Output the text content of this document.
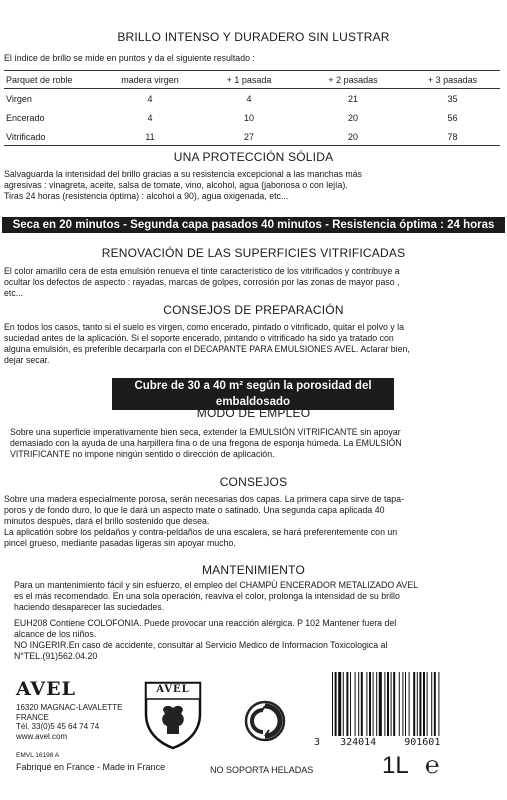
BRILLO INTENSO Y DURADERO SIN LUSTRAR
El índice de brillo se mide en puntos y da el siguiente resultado :
Parquet de roble	madera virgen	+ 1 pasada	+ 2 pasadas	+ 3 pasadas
Virgen	4	4	21	35
Encerado	4	10	20	56
Vitrificado	11	27	20	78
UNA PROTECCIÓN SÓLIDA
Salvaguarda la intensidad del brillo gracias a su resistencia excepcional a las manchas más
agresivas : vinagreta, aceite, salsa de tomate, vino, alcohol, agua (jabonosa o con lejía).
Tiras 24 horas (resistencia óptima) : alcohol a 90), agua oxigenada, etc...
Seca en 20 minutos - Segunda capa pasados 40 minutos - Resistencia óptima : 24 horas
RENOVACIÓN DE LAS SUPERFICIES VITRIFICADAS
El color amarillo cera de esta emulsión renueva el tinte característico de los vitrificados y contribuye a
ocultar los defectos de aspecto : rayadas, marcas de golpes, corrosión por las zonas de mayor paso ,
etc...
CONSEJOS DE PREPARACIÓN
En todos los casos, tanto si el suelo es virgen, como encerado, pintado o vitrificado, quitar el polvo y la
suciedad antes de la aplicación. Si el soporte encerado, pintando o vitrificado ha sido ya tratado con
alguna emulsión, es preferible decarparla con el DECAPANTE PARA EMULSIONES AVEL. Aclarar bien,
dejar secar.
Cubre de 30 a 40 m² según la porosidad del embaldosado
MODO DE EMPLEO
Sobre una superficie imperativamente bien seca, extender la EMULSIÓN VITRIFICANTE sin apoyar
demasiado con la ayuda de una harpillera fina o de una fregona de esponja húmeda. La EMULSIÓN
VITRIFICANTE no impone ningún sentido o dirección de aplicación.
CONSEJOS
Sobre una madera especialmente porosa, serán necesarias dos capas. La primera capa sirve de tapa-
poros y de fondo duro, lo que le dará un aspecto mate o satinado. Una segunda capa aplicada 40
minutos despuès, dará el brillo sostenido que desea.
La aplicatión sobre los peldaños y contra-peldaños de una escalera, se hará preferentemente con un
pincel grueso, mediante pasadas ligeras sin apoyar mucho.
MANTENIMIENTO
Para un mantenimiento fácil y sin esfuerzo, el empleo del CHAMPÚ ENCERADOR METALIZADO AVEL
es el más recomendado. En una sola operación, reaviva el color, prolonga la intensidad de su brillo
haciendo desaparecer las suciedades.
EUH208 Contiene COLOFONIA. Puede provocar una reacción alérgica. P 102 Mantener fuera del
alcance de los niños.
NO INGERIR.En caso de accidente, consultar al Servicio Medico de Informacion Toxicologica al
N°TEL.(91)562.04.20
AVEL
16320 MAGNAC-LAVALETTE
FRANCE
Tél. 33(0)5 45 64 74 74
www.avel.com
AVEL
3 324014	901601
EMVL 16198 A
Fabriqué en France - Made in France	NO SOPORTA HELADAS	1L ℮
